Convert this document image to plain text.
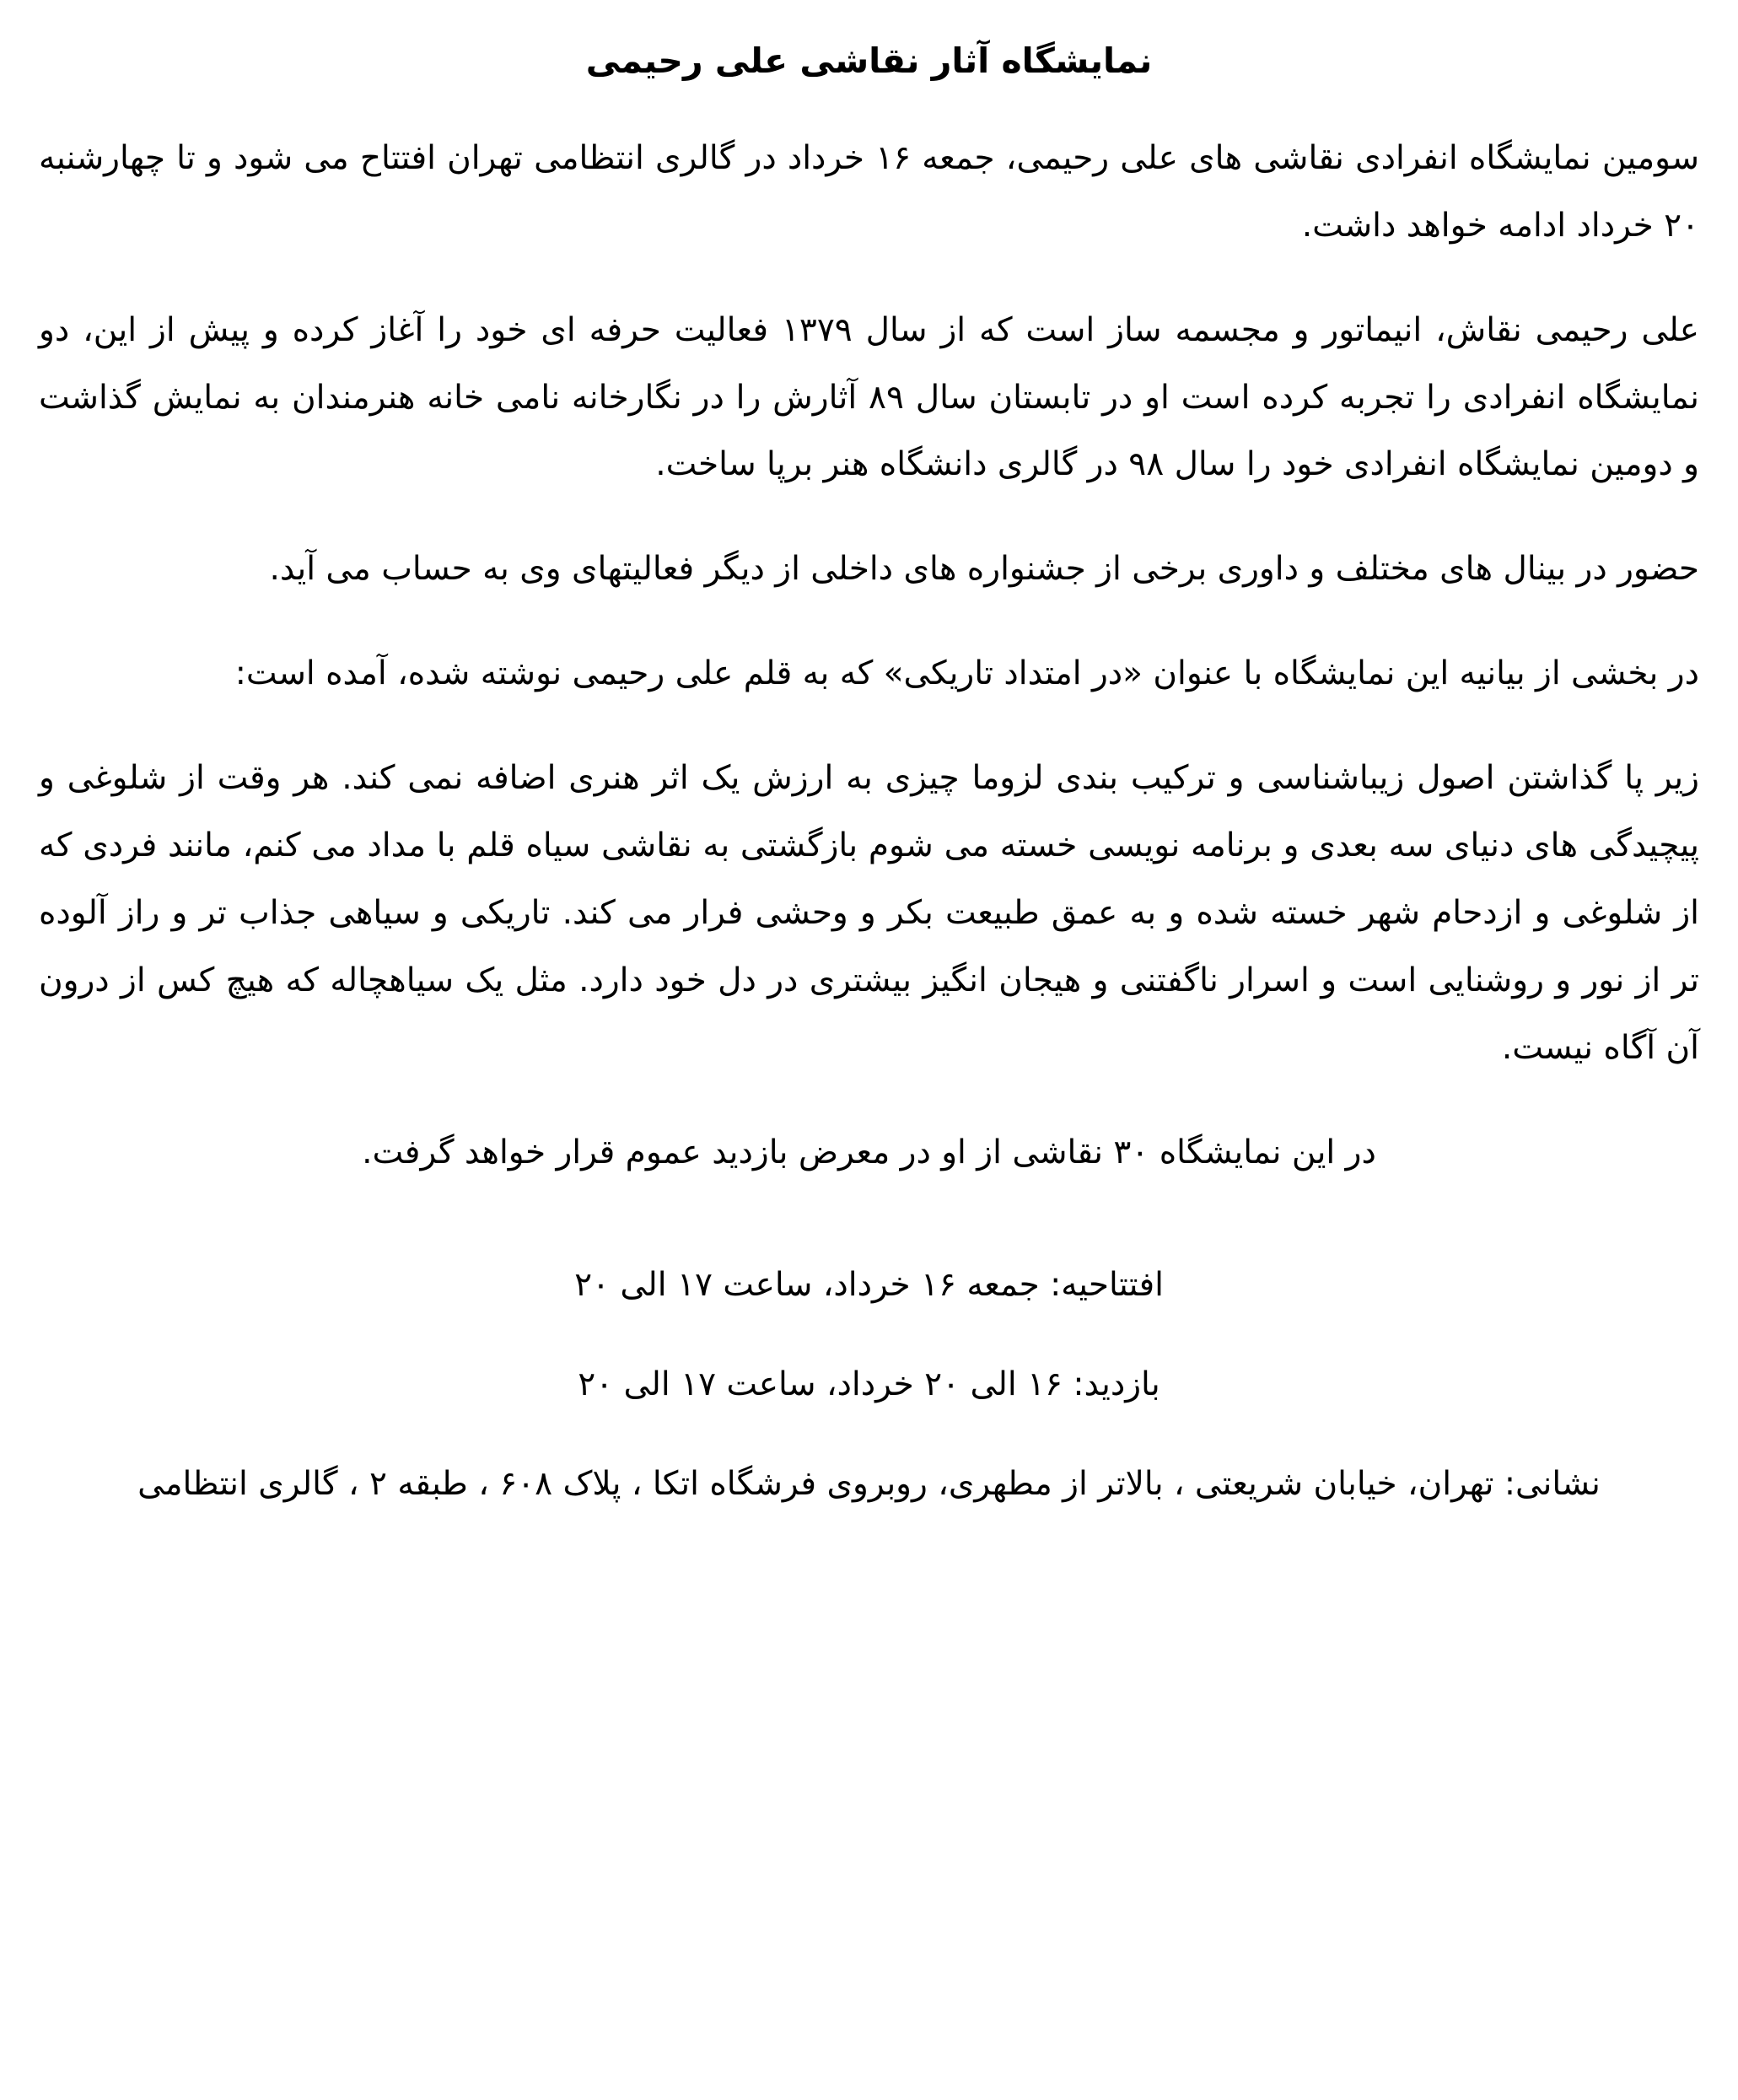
نمایشگاه آثار نقاشی علی رحیمی

سومین نمایشگاه انفرادی نقاشی های علی رحیمی، جمعه ۱۶ خرداد در گالری انتظامی تهران افتتاح می شود و تا چهارشنبه ۲۰ خرداد ادامه خواهد داشت.

علی رحیمی نقاش، انیماتور و مجسمه ساز است که از سال ۱۳۷۹ فعالیت حرفه ای خود را آغاز کرده و پیش از این، دو نمایشگاه انفرادی را تجربه کرده است او در تابستان سال ۸۹ آثارش را در نگارخانه نامی خانه هنرمندان به نمایش گذاشت و دومین نمایشگاه انفرادی خود را سال ۹۸ در گالری دانشگاه هنر برپا ساخت.

حضور در بینال های مختلف و داوری برخی از جشنواره های داخلی از دیگر فعالیتهای وی به حساب می آید.

در بخشی از بیانیه این نمایشگاه با عنوان «در امتداد تاریکی» که به قلم علی رحیمی نوشته شده، آمده است:

زیر پا گذاشتن اصول زیباشناسی و ترکیب بندی لزوما چیزی به ارزش یک اثر هنری اضافه نمی کند. هر وقت از شلوغی و پیچیدگی های دنیای سه بعدی و برنامه نویسی خسته می شوم بازگشتی به نقاشی سیاه قلم با مداد می کنم، مانند فردی که از شلوغی و ازدحام شهر خسته شده و به عمق طبیعت بکر و وحشی فرار می کند. تاریکی و سیاهی جذاب تر و راز آلوده تر از نور و روشنایی است و اسرار ناگفتنی و هیجان انگیز بیشتری در دل خود دارد. مثل یک سیاهچاله که هیچ کس از درون آن آگاه نیست.

در این نمایشگاه ۳۰ نقاشی از او در معرض بازدید عموم قرار خواهد گرفت.

افتتاحیه: جمعه ۱۶ خرداد، ساعت ۱۷ الی ۲۰

بازدید: ۱۶ الی ۲۰ خرداد، ساعت ۱۷ الی ۲۰

نشانی: تهران، خیابان شریعتی ، بالاتر از مطهری، روبروی فرشگاه اتکا ، پلاک ۶۰۸ ، طبقه ۲ ، گالری انتظامی
